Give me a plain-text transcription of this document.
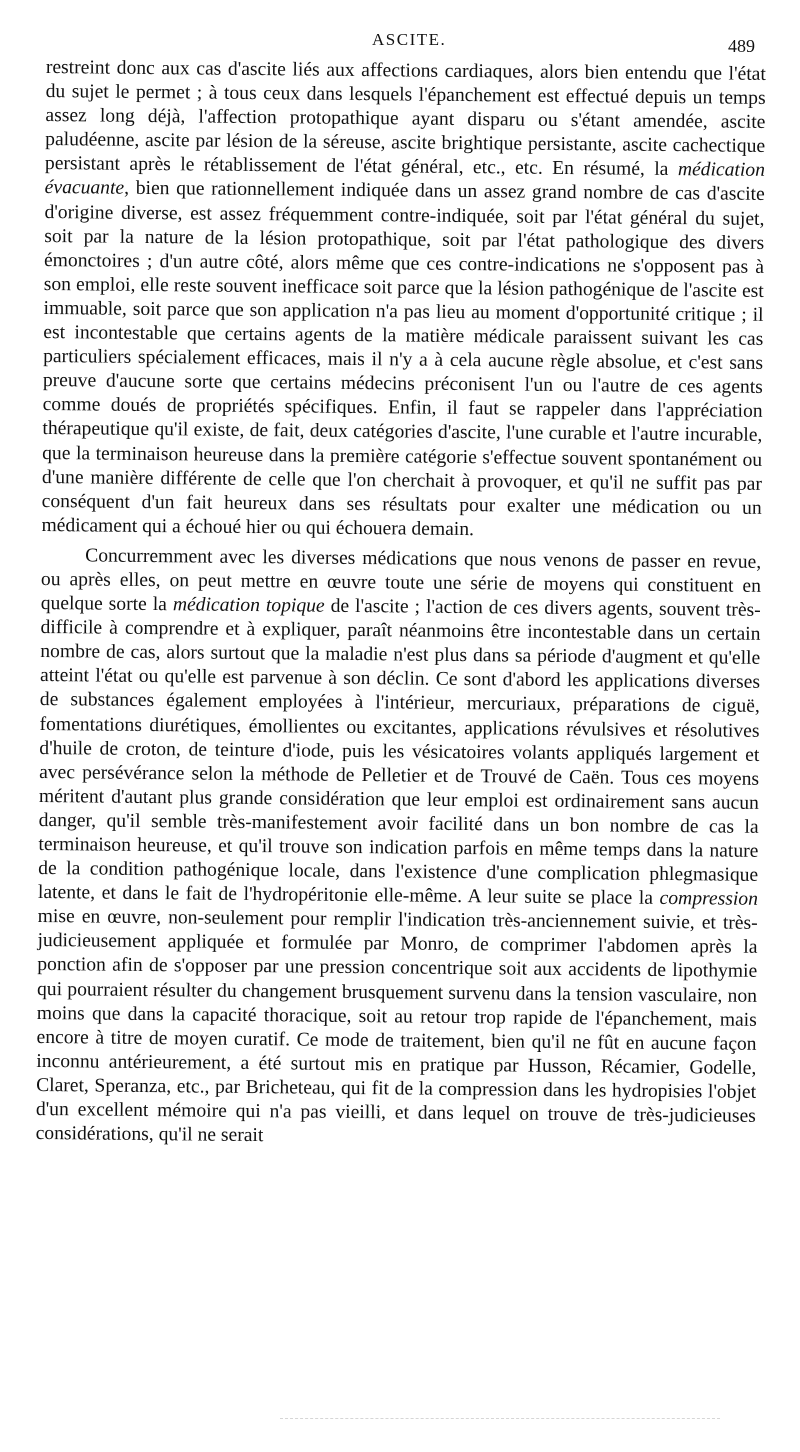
ASCITE.	489

restreint donc aux cas d'ascite liés aux affections cardiaques, alors bien entendu que l'état du sujet le permet ; à tous ceux dans lesquels l'épanchement est effectué depuis un temps assez long déjà, l'affection protopathique ayant disparu ou s'étant amendée, ascite paludéenne, ascite par lésion de la séreuse, ascite brightique persistante, ascite cachectique persistant après le rétablissement de l'état général, etc., etc. En résumé, la médication évacuante, bien que rationnellement indiquée dans un assez grand nombre de cas d'ascite d'origine diverse, est assez fréquemment contre-indiquée, soit par l'état général du sujet, soit par la nature de la lésion protopathique, soit par l'état pathologique des divers émonctoires ; d'un autre côté, alors même que ces contre-indications ne s'opposent pas à son emploi, elle reste souvent inefficace soit parce que la lésion pathogénique de l'ascite est immuable, soit parce que son application n'a pas lieu au moment d'opportunité critique ; il est incontestable que certains agents de la matière médicale paraissent suivant les cas particuliers spécialement efficaces, mais il n'y a à cela aucune règle absolue, et c'est sans preuve d'aucune sorte que certains médecins préconisent l'un ou l'autre de ces agents comme doués de propriétés spécifiques. Enfin, il faut se rappeler dans l'appréciation thérapeutique qu'il existe, de fait, deux catégories d'ascite, l'une curable et l'autre incurable, que la terminaison heureuse dans la première catégorie s'effectue souvent spontanément ou d'une manière différente de celle que l'on cherchait à provoquer, et qu'il ne suffit pas par conséquent d'un fait heureux dans ses résultats pour exalter une médication ou un médicament qui a échoué hier ou qui échouera demain.

Concurremment avec les diverses médications que nous venons de passer en revue, ou après elles, on peut mettre en œuvre toute une série de moyens qui constituent en quelque sorte la médication topique de l'ascite ; l'action de ces divers agents, souvent très-difficile à comprendre et à expliquer, paraît néanmoins être incontestable dans un certain nombre de cas, alors surtout que la maladie n'est plus dans sa période d'augment et qu'elle atteint l'état ou qu'elle est parvenue à son déclin. Ce sont d'abord les applications diverses de substances également employées à l'intérieur, mercuriaux, préparations de ciguë, fomentations diurétiques, émollientes ou excitantes, applications révulsives et résolutives d'huile de croton, de teinture d'iode, puis les vésicatoires volants appliqués largement et avec persévérance selon la méthode de Pelletier et de Trouvé de Caën. Tous ces moyens méritent d'autant plus grande considération que leur emploi est ordinairement sans aucun danger, qu'il semble très-manifestement avoir facilité dans un bon nombre de cas la terminaison heureuse, et qu'il trouve son indication parfois en même temps dans la nature de la condition pathogénique locale, dans l'existence d'une complication phlegmasique latente, et dans le fait de l'hydropéritonie elle-même. A leur suite se place la compression mise en œuvre, non-seulement pour remplir l'indication très-anciennement suivie, et très-judicieusement appliquée et formulée par Monro, de comprimer l'abdomen après la ponction afin de s'opposer par une pression concentrique soit aux accidents de lipothymie qui pourraient résulter du changement brusquement survenu dans la tension vasculaire, non moins que dans la capacité thoracique, soit au retour trop rapide de l'épanchement, mais encore à titre de moyen curatif. Ce mode de traitement, bien qu'il ne fût en aucune façon inconnu antérieurement, a été surtout mis en pratique par Husson, Récamier, Godelle, Claret, Speranza, etc., par Bricheteau, qui fit de la compression dans les hydropisies l'objet d'un excellent mémoire qui n'a pas vieilli, et dans lequel on trouve de très-judicieuses considérations, qu'il ne serait
